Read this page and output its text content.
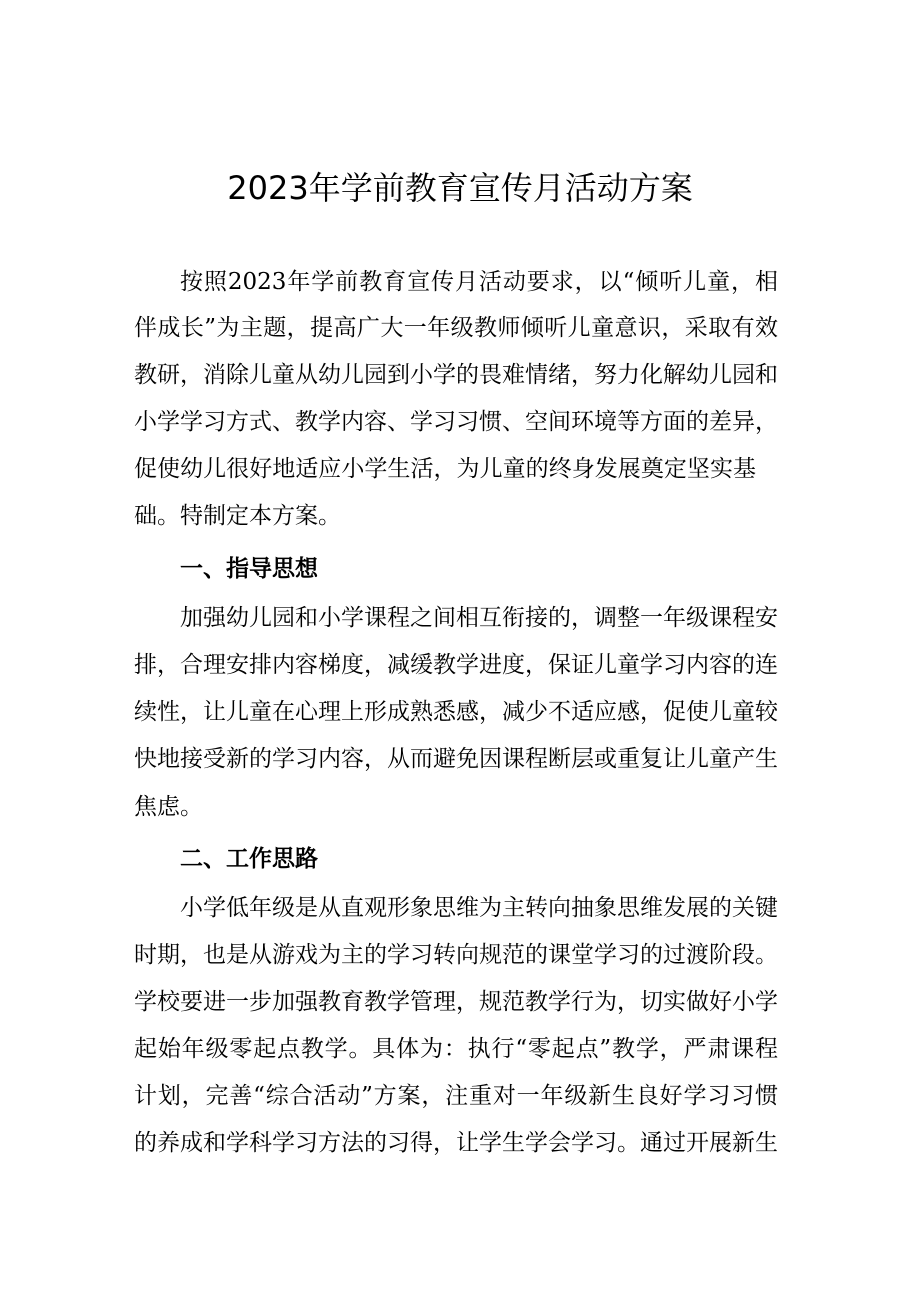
2023年学前教育宣传月活动方案
按照2023年学前教育宣传月活动要求，以“倾听儿童，相
伴成长”为主题，提高广大一年级教师倾听儿童意识，采取有效
教研，消除儿童从幼儿园到小学的畏难情绪，努力化解幼儿园和
小学学习方式、教学内容、学习习惯、空间环境等方面的差异，
促使幼儿很好地适应小学生活，为儿童的终身发展奠定坚实基
础。特制定本方案。
一、指导思想
加强幼儿园和小学课程之间相互衔接的，调整一年级课程安
排，合理安排内容梯度，减缓教学进度，保证儿童学习内容的连
续性，让儿童在心理上形成熟悉感，减少不适应感，促使儿童较
快地接受新的学习内容，从而避免因课程断层或重复让儿童产生
焦虑。
二、工作思路
小学低年级是从直观形象思维为主转向抽象思维发展的关键
时期，也是从游戏为主的学习转向规范的课堂学习的过渡阶段。
学校要进一步加强教育教学管理，规范教学行为，切实做好小学
起始年级零起点教学。具体为：执行“零起点”教学，严肃课程
计划，完善“综合活动”方案，注重对一年级新生良好学习习惯
的养成和学科学习方法的习得，让学生学会学习。通过开展新生
